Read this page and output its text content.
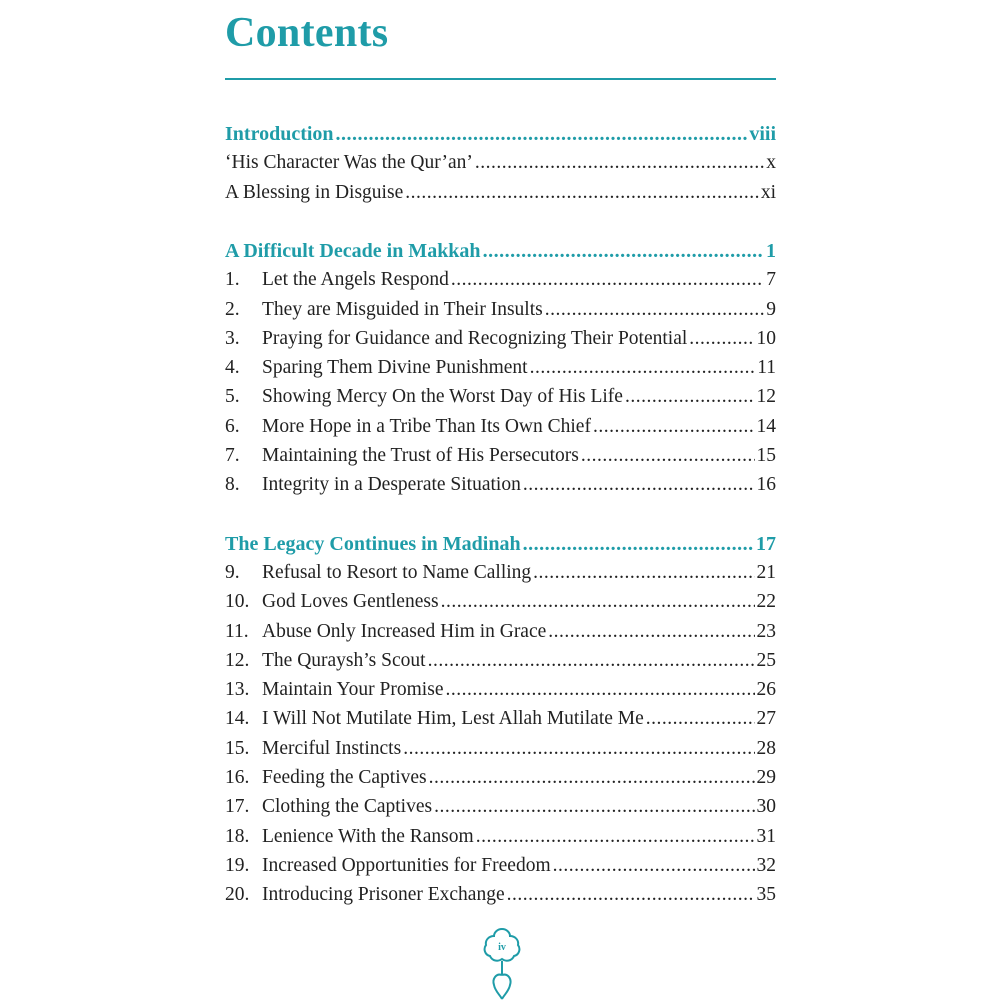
Contents
Introduction .....	viii
‘His Character Was the Qur’an’ .....	x
A Blessing in Disguise .....	xi
A Difficult Decade in Makkah .....	1
1.	Let the Angels Respond .....	7
2.	They are Misguided in Their Insults .....	9
3.	Praying for Guidance and Recognizing Their Potential .....	10
4.	Sparing Them Divine Punishment .....	11
5.	Showing Mercy On the Worst Day of His Life .....	12
6.	More Hope in a Tribe Than Its Own Chief .....	14
7.	Maintaining the Trust of His Persecutors .....	15
8.	Integrity in a Desperate Situation .....	16
The Legacy Continues in Madinah .....	17
9.	Refusal to Resort to Name Calling .....	21
10. God Loves Gentleness .....	22
11. Abuse Only Increased Him in Grace .....	23
12. The Quraysh’s Scout .....	25
13. Maintain Your Promise .....	26
14. I Will Not Mutilate Him, Lest Allah Mutilate Me .....	27
15. Merciful Instincts .....	28
16. Feeding the Captives .....	29
17. Clothing the Captives .....	30
18. Lenience With the Ransom .....	31
19. Increased Opportunities for Freedom .....	32
20. Introducing Prisoner Exchange .....	35
iv
